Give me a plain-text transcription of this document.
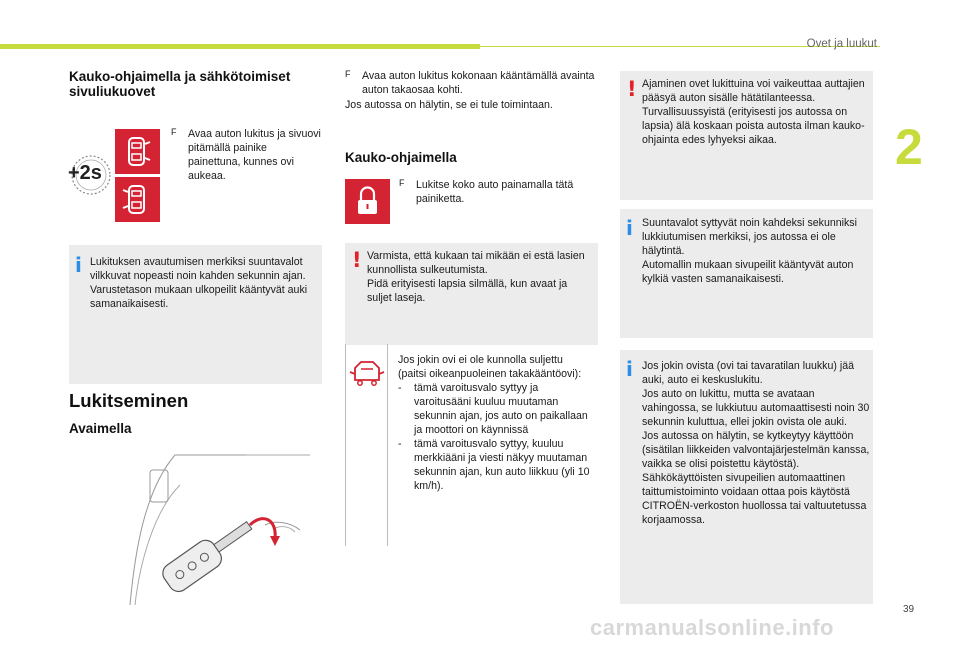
Ovet ja luukut
2
Kauko-ohjaimella ja sähkötoimiset sivuliukuovet
+2s
F	Avaa auton lukitus ja sivuovi pitämällä painike painettuna, kunnes ovi aukeaa.

i Lukituksen avautumisen merkiksi suuntavalot vilkkuvat nopeasti noin kahden sekunnin ajan.
Varustetason mukaan ulkopeilit kääntyvät auki samanaikaisesti.

Lukitseminen
Avaimella
F	Avaa auton lukitus kokonaan kääntämällä avainta auton takaosaa kohti.

Jos autossa on hälytin, se ei tule toimintaan.

Kauko-ohjaimella
F	Lukitse koko auto painamalla tätä painiketta.

! Varmista, että kukaan tai mikään ei estä lasien kunnollista sulkeutumista.
Pidä erityisesti lapsia silmällä, kun avaat ja suljet laseja.

Jos jokin ovi ei ole kunnolla suljettu (paitsi oikeanpuoleinen takakääntöovi):

-	tämä varoitusvalo syttyy ja varoitusääni kuuluu muutaman sekunnin ajan, jos auto on paikallaan ja moottori on käynnissä
-	tämä varoitusvalo syttyy, kuuluu merkkiääni ja viesti näkyy muutaman sekunnin ajan, kun auto liikkuu (yli 10 km/h).
! Ajaminen ovet lukittuina voi vaikeuttaa auttajien pääsyä auton sisälle hätätilanteessa.
Turvallisuussyistä (erityisesti jos autossa on lapsia) älä koskaan poista autosta ilman kauko-ohjainta edes lyhyeksi aikaa.

i Suuntavalot syttyvät noin kahdeksi sekunniksi lukkiutumisen merkiksi, jos autossa ei ole hälytintä.
Automallin mukaan sivupeilit kääntyvät auton kylkiä vasten samanaikaisesti.

i Jos jokin ovista (ovi tai tavaratilan luukku) jää auki, auto ei keskuslukitu.
Jos auto on lukittu, mutta se avataan vahingossa, se lukkiutuu automaattisesti noin 30 sekunnin kuluttua, ellei jokin ovista ole auki.
Jos autossa on hälytin, se kytkeytyy käyttöön (sisätilan liikkeiden valvontajärjestelmän kanssa, vaikka se olisi poistettu käytöstä).
Sähkökäyttöisten sivupeilien automaattinen taittumistoiminto voidaan ottaa pois käytöstä CITROËN-verkoston huollossa tai valtuutetussa korjaamossa.

39
carmanualsonline.info
